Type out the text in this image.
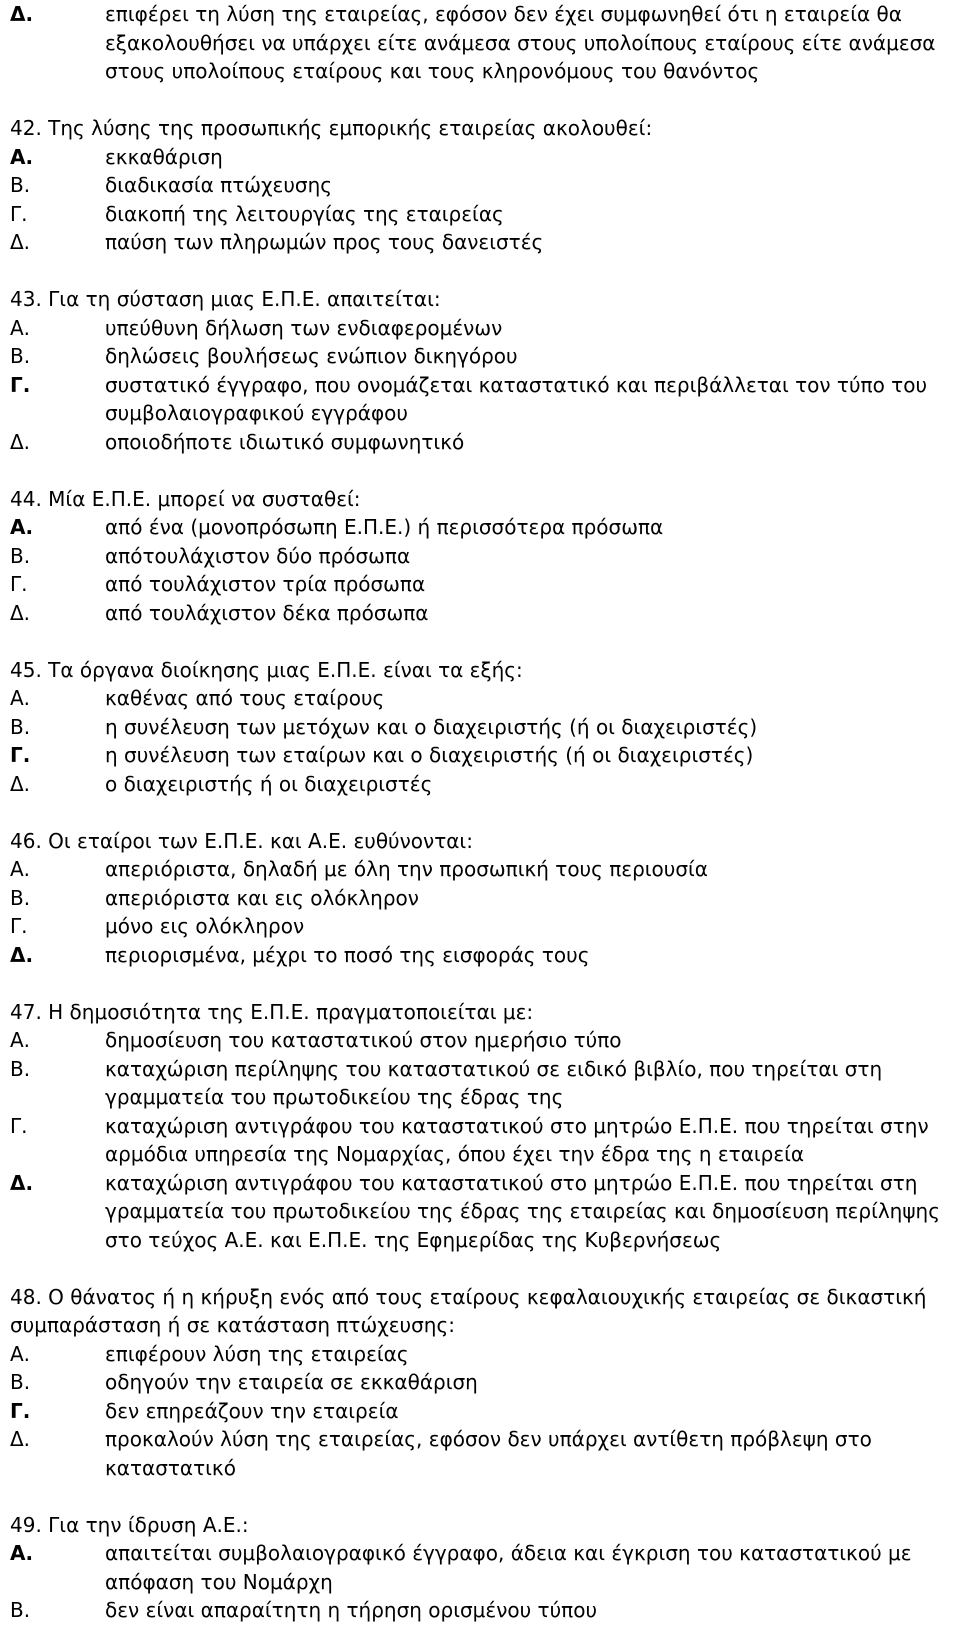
Δ.	επιφέρει τη λύση της εταιρείας, εφόσον δεν έχει συμφωνηθεί ότι η εταιρεία θα εξακολουθήσει να υπάρχει είτε ανάμεσα στους υπολοίπους εταίρους είτε ανάμεσα στους υπολοίπους εταίρους και τους κληρονόμους του θανόντος
42. Της λύσης της προσωπικής εμπορικής εταιρείας ακολουθεί:
Α.	εκκαθάριση
Β.	διαδικασία πτώχευσης
Γ.	διακοπή της λειτουργίας της εταιρείας
Δ.	παύση των πληρωμών προς τους δανειστές
43. Για τη σύσταση μιας Ε.Π.Ε. απαιτείται:
Α.	υπεύθυνη δήλωση των ενδιαφερομένων
Β.	δηλώσεις βουλήσεως ενώπιον δικηγόρου
Γ.	συστατικό έγγραφο, που ονομάζεται καταστατικό και περιβάλλεται τον τύπο του συμβολαιογραφικού εγγράφου
Δ.	οποιοδήποτε ιδιωτικό συμφωνητικό
44. Μία Ε.Π.Ε. μπορεί να συσταθεί:
Α.	από ένα (μονοπρόσωπη Ε.Π.Ε.) ή περισσότερα πρόσωπα
Β.	απότουλάχιστον δύο πρόσωπα
Γ.	από τουλάχιστον τρία πρόσωπα
Δ.	από τουλάχιστον δέκα πρόσωπα
45. Τα όργανα διοίκησης μιας Ε.Π.Ε. είναι τα εξής:
Α.	καθένας από τους εταίρους
Β.	η συνέλευση των μετόχων και ο διαχειριστής (ή οι διαχειριστές)
Γ.	η συνέλευση των εταίρων και ο διαχειριστής (ή οι διαχειριστές)
Δ.	ο διαχειριστής ή οι διαχειριστές
46. Οι εταίροι των Ε.Π.Ε. και Α.Ε. ευθύνονται:
Α.	απεριόριστα, δηλαδή με όλη την προσωπική τους περιουσία
Β.	απεριόριστα και εις ολόκληρον
Γ.	μόνο εις ολόκληρον
Δ.	περιορισμένα, μέχρι το ποσό της εισφοράς τους
47. Η δημοσιότητα της Ε.Π.Ε. πραγματοποιείται με:
Α.	δημοσίευση του καταστατικού στον ημερήσιο τύπο
Β.	καταχώριση περίληψης του καταστατικού σε ειδικό βιβλίο, που τηρείται στη γραμματεία του πρωτοδικείου της έδρας της
Γ.	καταχώριση αντιγράφου του καταστατικού στο μητρώο Ε.Π.Ε. που τηρείται στην αρμόδια υπηρεσία της Νομαρχίας, όπου έχει την έδρα της η εταιρεία
Δ.	καταχώριση αντιγράφου του καταστατικού στο μητρώο Ε.Π.Ε. που τηρείται στη γραμματεία του πρωτοδικείου της έδρας της εταιρείας και δημοσίευση περίληψης στο τεύχος Α.Ε. και Ε.Π.Ε. της Εφημερίδας της Κυβερνήσεως
48. Ο θάνατος ή η κήρυξη ενός από τους εταίρους κεφαλαιουχικής εταιρείας σε δικαστική συμπαράσταση ή σε κατάσταση πτώχευσης:
Α.	επιφέρουν λύση της εταιρείας
Β.	οδηγούν την εταιρεία σε εκκαθάριση
Γ.	δεν επηρεάζουν την εταιρεία
Δ.	προκαλούν λύση της εταιρείας, εφόσον δεν υπάρχει αντίθετη πρόβλεψη στο καταστατικό
49. Για την ίδρυση Α.Ε.:
Α.	απαιτείται συμβολαιογραφικό έγγραφο, άδεια και έγκριση του καταστατικού με απόφαση του Νομάρχη
Β.	δεν είναι απαραίτητη η τήρηση ορισμένου τύπου
